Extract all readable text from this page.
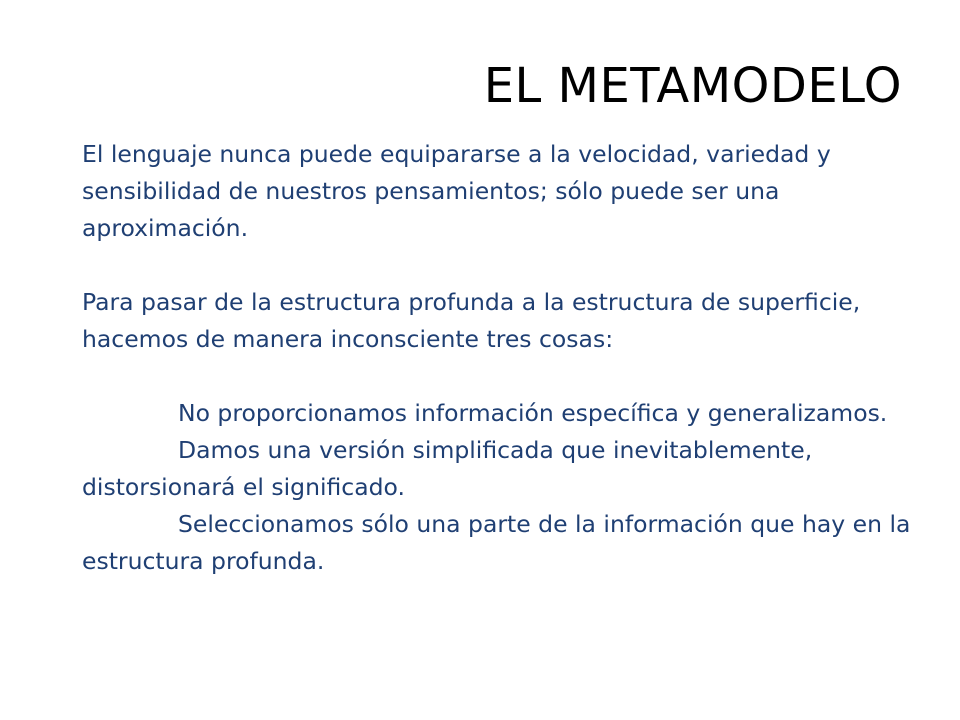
EL METAMODELO

El lenguaje nunca puede equipararse a la velocidad, variedad y sensibilidad de nuestros pensamientos; sólo puede ser una aproximación.

Para pasar de la estructura profunda a la estructura de superficie, hacemos de manera inconsciente tres cosas:

No proporcionamos información específica y generalizamos.

Damos una versión simplificada que inevitablemente, distorsionará el significado.

Seleccionamos sólo una parte de la información que hay en la estructura profunda.
